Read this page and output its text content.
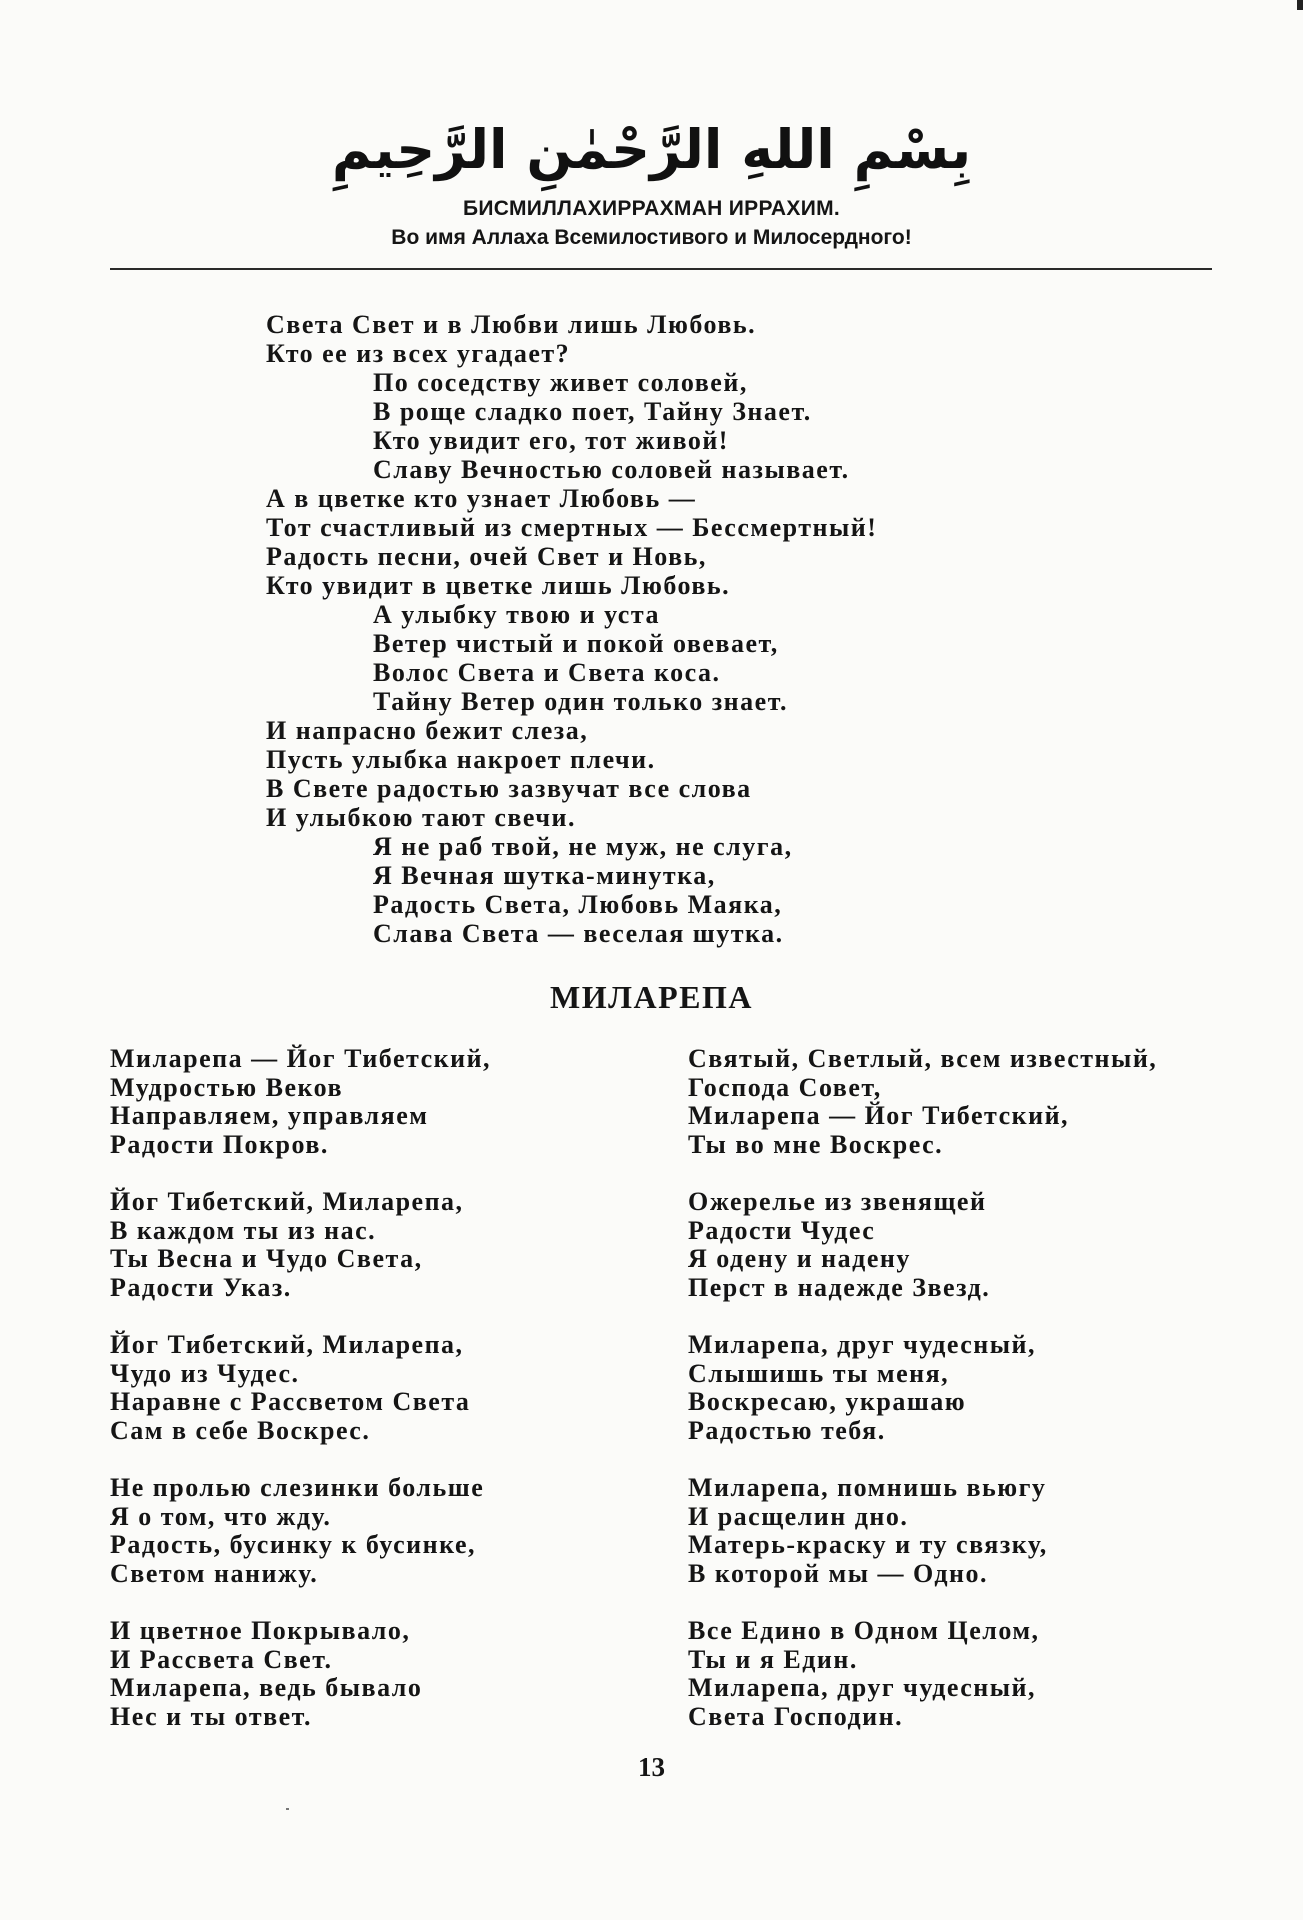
بِسْمِ اللهِ الرَّحْمٰنِ الرَّحِيمِ
БИСМИЛЛАХИРРАХМАН ИРРАХИМ.
Во имя Аллаха Всемилостивого и Милосердного!
Света Свет и в Любви лишь Любовь.
Кто ее из всех угадает?
По соседству живет соловей,
В роще сладко поет, Тайну Знает.
Кто увидит его, тот живой!
Славу Вечностью соловей называет.
А в цветке кто узнает Любовь —
Тот счастливый из смертных — Бессмертный!
Радость песни, очей Свет и Новь,
Кто увидит в цветке лишь Любовь.
А улыбку твою и уста
Ветер чистый и покой овевает,
Волос Света и Света коса.
Тайну Ветер один только знает.
И напрасно бежит слеза,
Пусть улыбка накроет плечи.
В Свете радостью зазвучат все слова
И улыбкою тают свечи.
Я не раб твой, не муж, не слуга,
Я Вечная шутка-минутка,
Радость Света, Любовь Маяка,
Слава Света — веселая шутка.
МИЛАРЕПА
Миларепа — Йог Тибетский,
Мудростью Веков
Направляем, управляем
Радости Покров.
Йог Тибетский, Миларепа,
В каждом ты из нас.
Ты Весна и Чудо Света,
Радости Указ.
Йог Тибетский, Миларепа,
Чудо из Чудес.
Наравне с Рассветом Света
Сам в себе Воскрес.
Не пролью слезинки больше
Я о том, что жду.
Радость, бусинку к бусинке,
Светом нанижу.
И цветное Покрывало,
И Рассвета Свет.
Миларепа, ведь бывало
Нес и ты ответ.
Святый, Светлый, всем известный,
Господа Совет,
Миларепа — Йог Тибетский,
Ты во мне Воскрес.
Ожерелье из звенящей
Радости Чудес
Я одену и надену
Перст в надежде Звезд.
Миларепа, друг чудесный,
Слышишь ты меня,
Воскресаю, украшаю
Радостью тебя.
Миларепа, помнишь вьюгу
И расщелин дно.
Матерь-краску и ту связку,
В которой мы — Одно.
Все Едино в Одном Целом,
Ты и я Един.
Миларепа, друг чудесный,
Света Господин.
13
